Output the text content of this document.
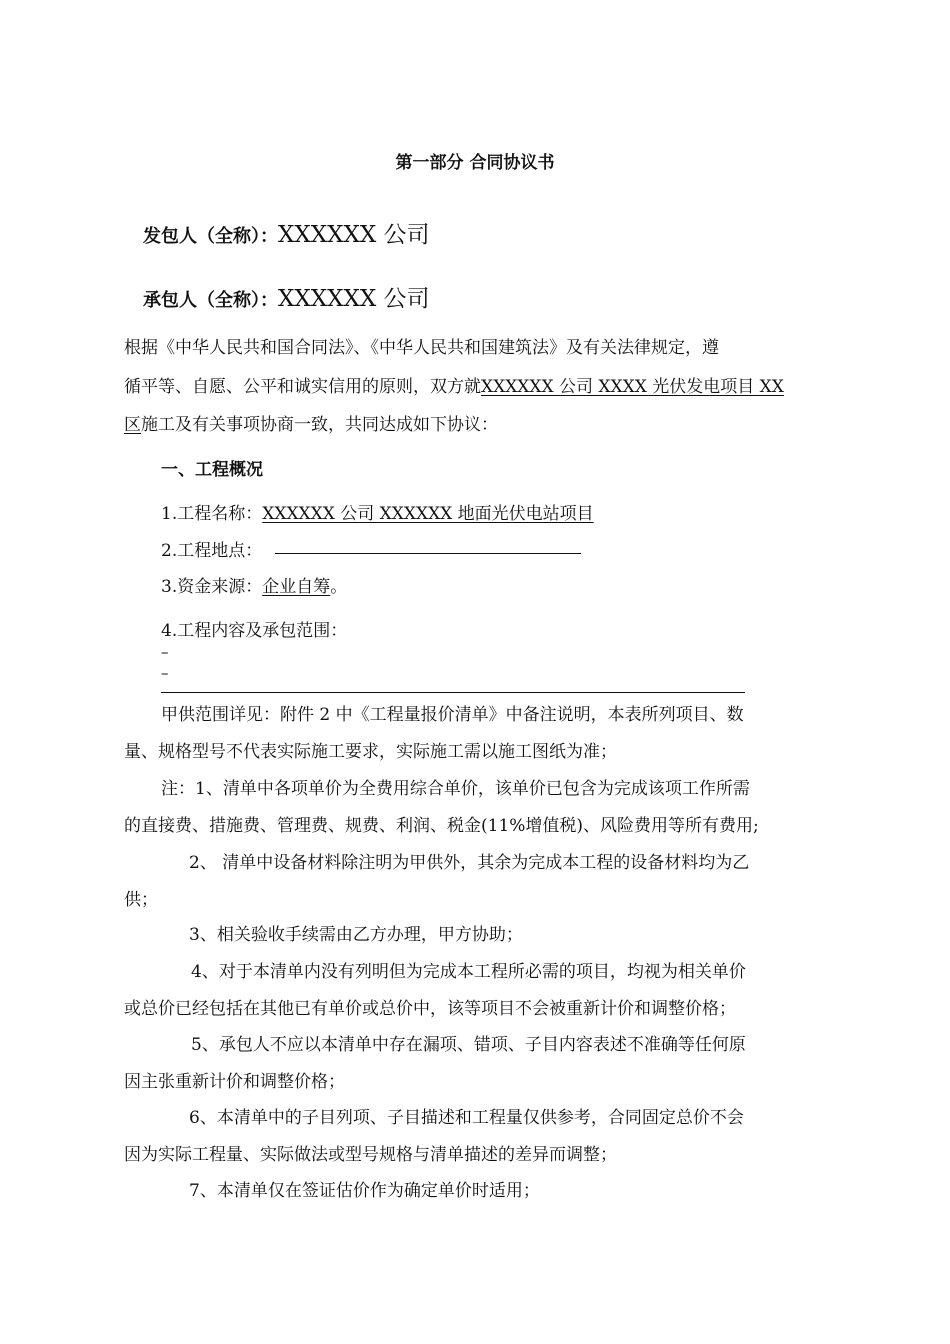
第一部分 合同协议书
发包人（全称）：XXXXXX 公司
承包人（全称）：XXXXXX 公司
根据《中华人民共和国合同法》、《中华人民共和国建筑法》及有关法律规定，遵
循平等、自愿、公平和诚实信用的原则，双方就XXXXXX 公司 XXXX 光伏发电项目 XX
区施工及有关事项协商一致，共同达成如下协议：
一、工程概况
1.工程名称：XXXXXX 公司 XXXXXX 地面光伏电站项目
2.工程地点：
3.资金来源：企业自筹。
4.工程内容及承包范围：
–
–
甲供范围详见：附件 2 中《工程量报价清单》中备注说明，本表所列项目、数
量、规格型号不代表实际施工要求，实际施工需以施工图纸为准；
注：1、清单中各项单价为全费用综合单价，该单价已包含为完成该项工作所需
的直接费、措施费、管理费、规费、利润、税金(11%增值税)、风险费用等所有费用;
2、 清单中设备材料除注明为甲供外，其余为完成本工程的设备材料均为乙
供；
3、相关验收手续需由乙方办理，甲方协助；
4、对于本清单内没有列明但为完成本工程所必需的项目，均视为相关单价
或总价已经包括在其他已有单价或总价中，该等项目不会被重新计价和调整价格；
5、承包人不应以本清单中存在漏项、错项、子目内容表述不准确等任何原
因主张重新计价和调整价格；
6、本清单中的子目列项、子目描述和工程量仅供参考，合同固定总价不会
因为实际工程量、实际做法或型号规格与清单描述的差异而调整；
7、本清单仅在签证估价作为确定单价时适用；
